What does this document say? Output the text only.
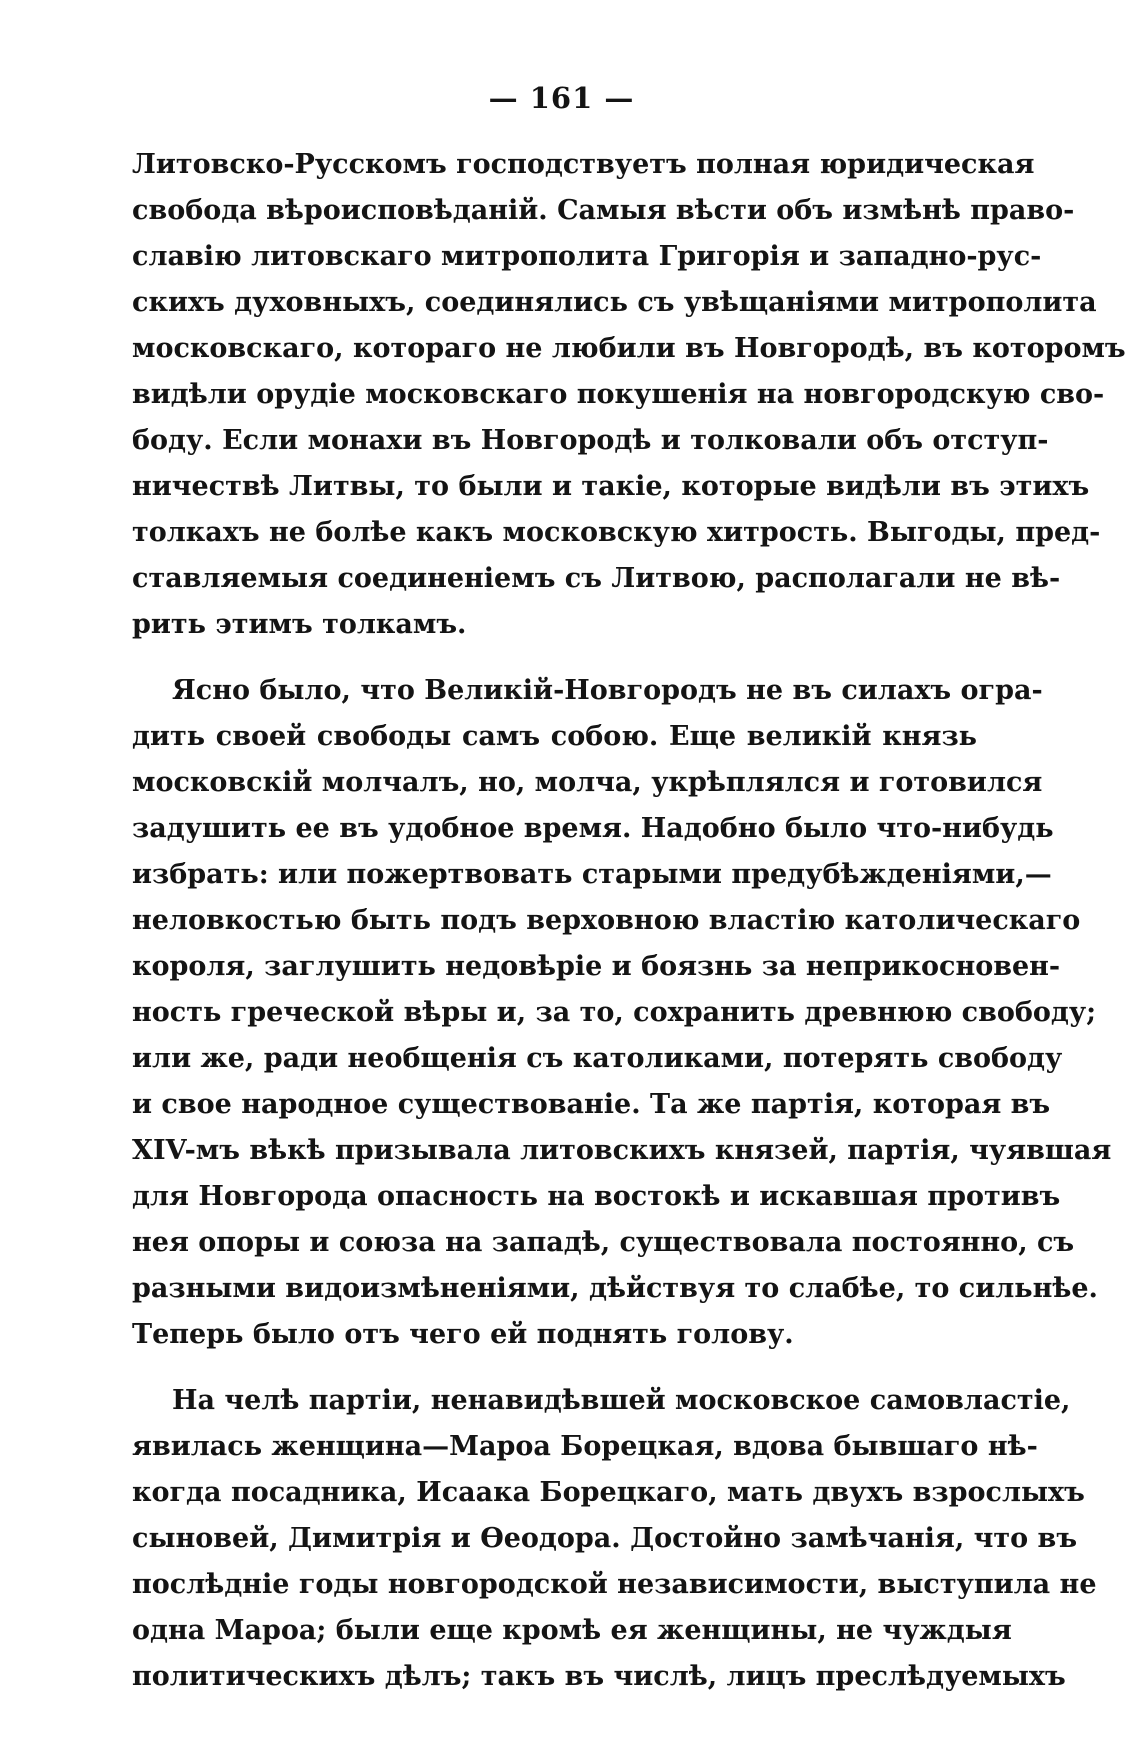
— 161 —
Литовско-Русскомъ господствуетъ полная юридическая
свобода вѣроисповѣданій. Самыя вѣсти объ измѣнѣ право-
славію литовскаго митрополита Григорія и западно-рус-
скихъ духовныхъ, соединялись съ увѣщаніями митрополита
московскаго, котораго не любили въ Новгородѣ, въ которомъ
видѣли орудіе московскаго покушенія на новгородскую сво-
боду. Если монахи въ Новгородѣ и толковали объ отступ-
ничествѣ Литвы, то были и такіе, которые видѣли въ этихъ
толкахъ не болѣе какъ московскую хитрость. Выгоды, пред-
ставляемыя соединеніемъ съ Литвою, располагали не вѣ-
рить этимъ толкамъ.
Ясно было, что Великій-Новгородъ не въ силахъ огра-
дить своей свободы самъ собою. Еще великій князь
московскій молчалъ, но, молча, укрѣплялся и готовился
задушить ее въ удобное время. Надобно было что-нибудь
избрать: или пожертвовать старыми предубѣжденіями,—
неловкостью быть подъ верховною властію католическаго
короля, заглушить недовѣріе и боязнь за неприкосновен-
ность греческой вѣры и, за то, сохранить древнюю свободу;
или же, ради необщенія съ католиками, потерять свободу
и свое народное существованіе. Та же партія, которая въ
XIV-мъ вѣкѣ призывала литовскихъ князей, партія, чуявшая
для Новгорода опасность на востокѣ и искавшая противъ
нея опоры и союза на западѣ, существовала постоянно, съ
разными видоизмѣненіями, дѣйствуя то слабѣе, то сильнѣе.
Теперь было отъ чего ей поднять голову.
На челѣ партіи, ненавидѣвшей московское самовластіе,
явилась женщина—Мароа Борецкая, вдова бывшаго нѣ-
когда посадника, Исаака Борецкаго, мать двухъ взрослыхъ
сыновей, Димитрія и Ѳеодора. Достойно замѣчанія, что въ
послѣдніе годы новгородской независимости, выступила не
одна Мароа; были еще кромѣ ея женщины, не чуждыя
политическихъ дѣлъ; такъ въ числѣ, лицъ преслѣдуемыхъ
